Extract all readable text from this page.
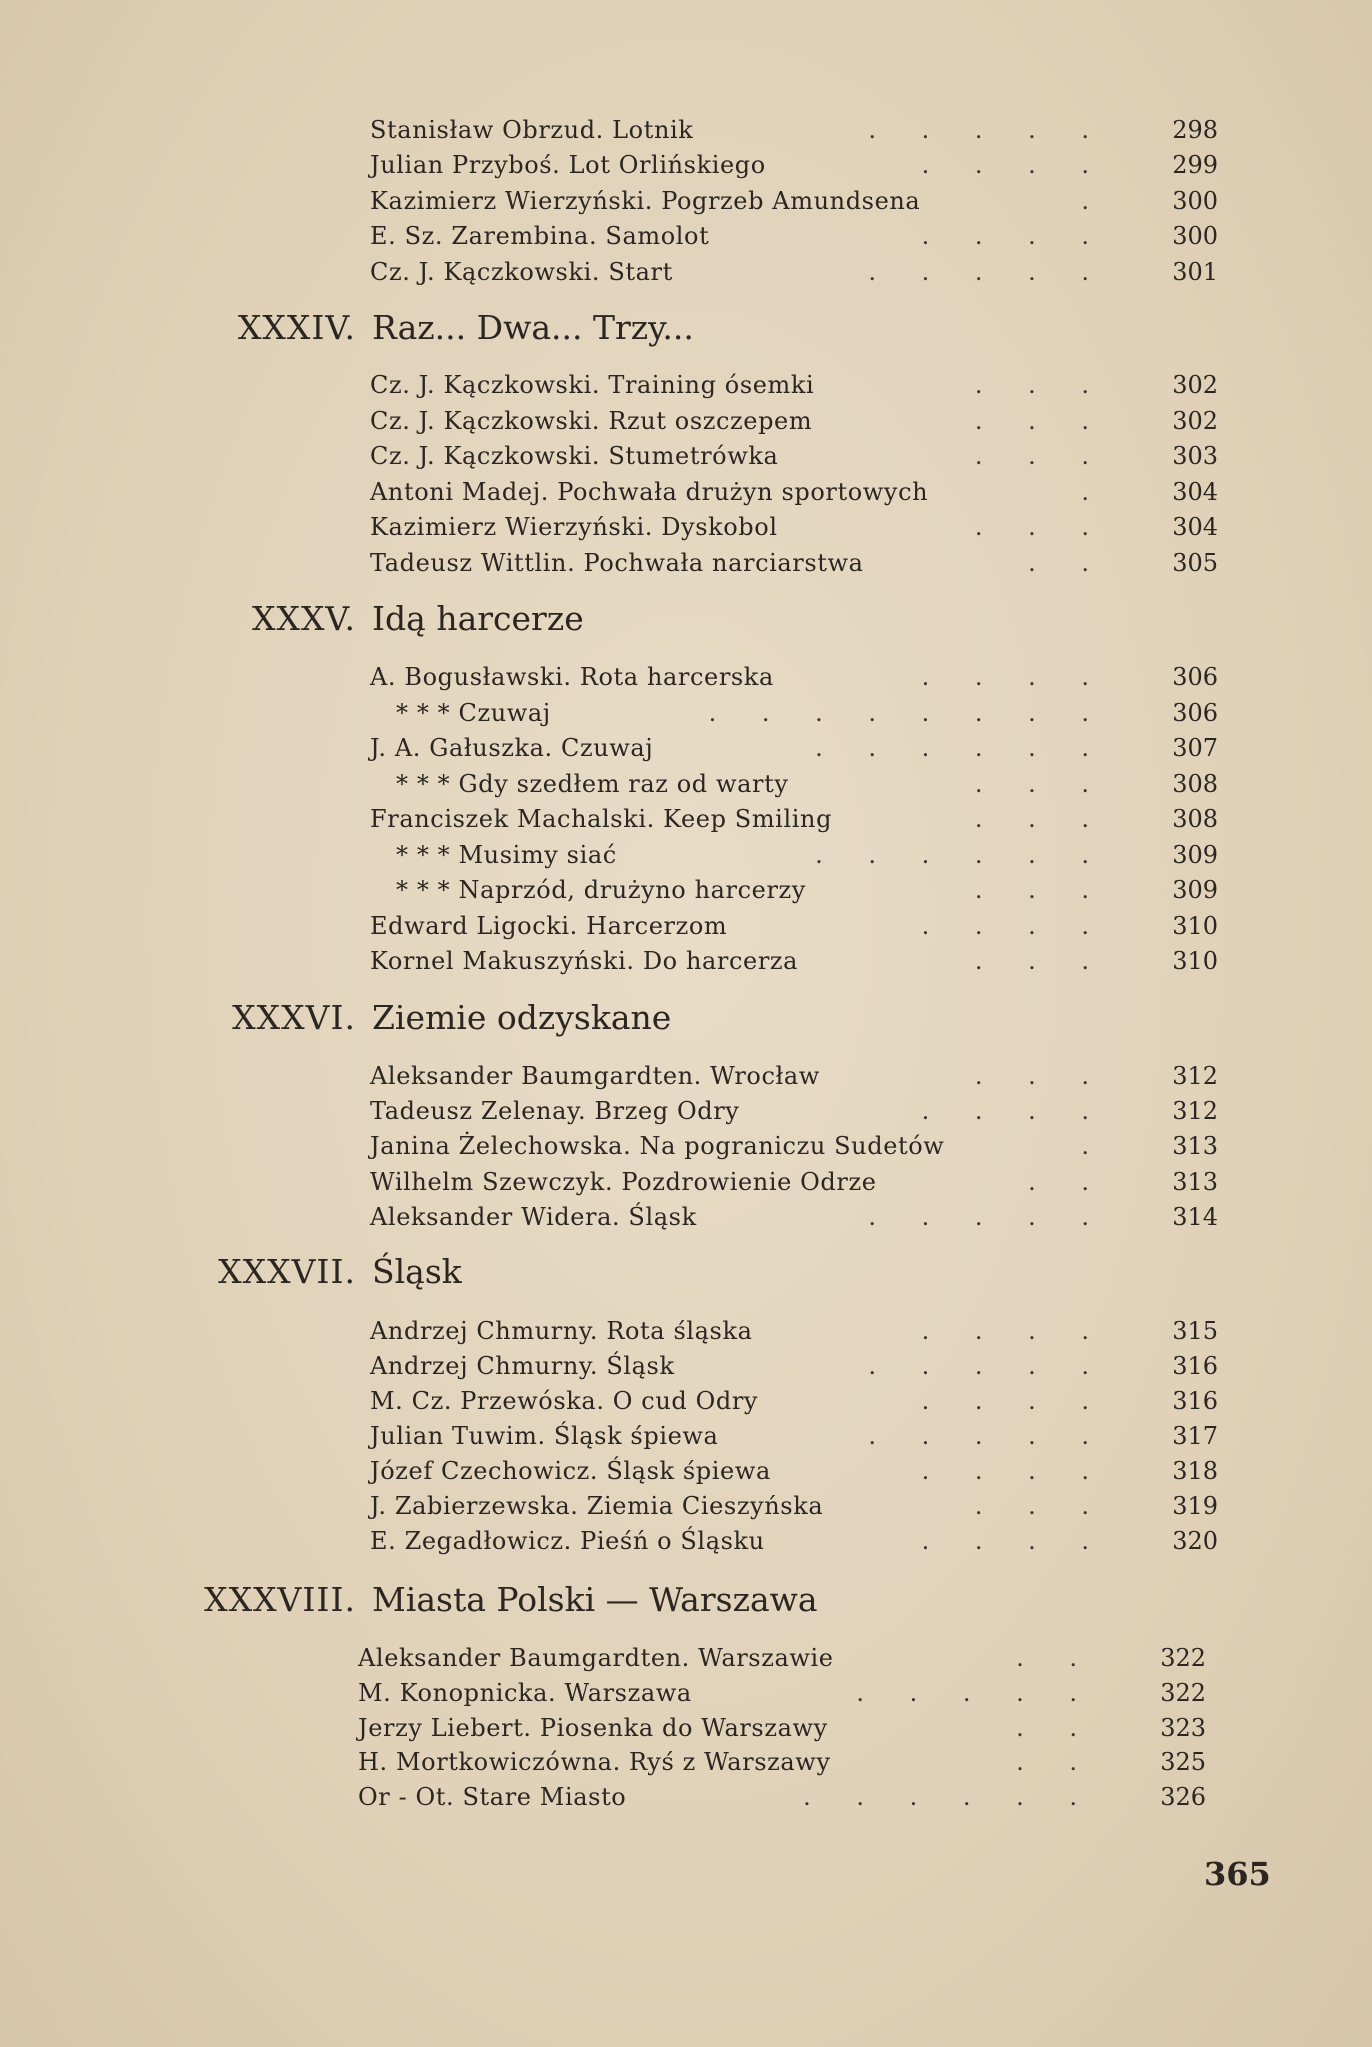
Stanisław Obrzud. Lotnik	. . . . .	298
Julian Przyboś. Lot Orlińskiego	. . . .	299
Kazimierz Wierzyński. Pogrzeb Amundsena	.	300
E. Sz. Zarembina. Samolot	. . . .	300
Cz. J. Kączkowski. Start	. . . . .	301
XXXIV. Raz... Dwa... Trzy...
Cz. J. Kączkowski. Training ósemki	. . .	302
Cz. J. Kączkowski. Rzut oszczepem	. . .	302
Cz. J. Kączkowski. Stumetrówka	. . .	303
Antoni Madej. Pochwała drużyn sportowych	.	304
Kazimierz Wierzyński. Dyskobol	. . .	304
Tadeusz Wittlin. Pochwała narciarstwa	. .	305
XXXV. Idą harcerze
A. Bogusławski. Rota harcerska	. . . .	306
* * * Czuwaj	. . . . . . . .	306
J. A. Gałuszka. Czuwaj	. . . . . .	307
* * * Gdy szedłem raz od warty	. . .	308
Franciszek Machalski. Keep Smiling	. . .	308
* * * Musimy siać	. . . . . .	309
* * * Naprzód, drużyno harcerzy	. . .	309
Edward Ligocki. Harcerzom	. . . .	310
Kornel Makuszyński. Do harcerza	. . .	310
XXXVI. Ziemie odzyskane
Aleksander Baumgardten. Wrocław	. . .	312
Tadeusz Zelenay. Brzeg Odry	. . . .	312
Janina Żelechowska. Na pograniczu Sudetów	.	313
Wilhelm Szewczyk. Pozdrowienie Odrze	. .	313
Aleksander Widera. Śląsk	. . . . .	314
XXXVII. Śląsk
Andrzej Chmurny. Rota śląska	. . . .	315
Andrzej Chmurny. Śląsk	. . . . .	316
M. Cz. Przewóska. O cud Odry	. . . .	316
Julian Tuwim. Śląsk śpiewa	. . . . .	317
Józef Czechowicz. Śląsk śpiewa	. . . .	318
J. Zabierzewska. Ziemia Cieszyńska	. . .	319
E. Zegadłowicz. Pieśń o Śląsku	. . . .	320
XXXVIII. Miasta Polski — Warszawa
Aleksander Baumgardten. Warszawie	. .	322
M. Konopnicka. Warszawa	. . . . .	322
Jerzy Liebert. Piosenka do Warszawy	. .	323
H. Mortkowiczówna. Ryś z Warszawy	. .	325
Or - Ot. Stare Miasto	. . . . . .	326
365
